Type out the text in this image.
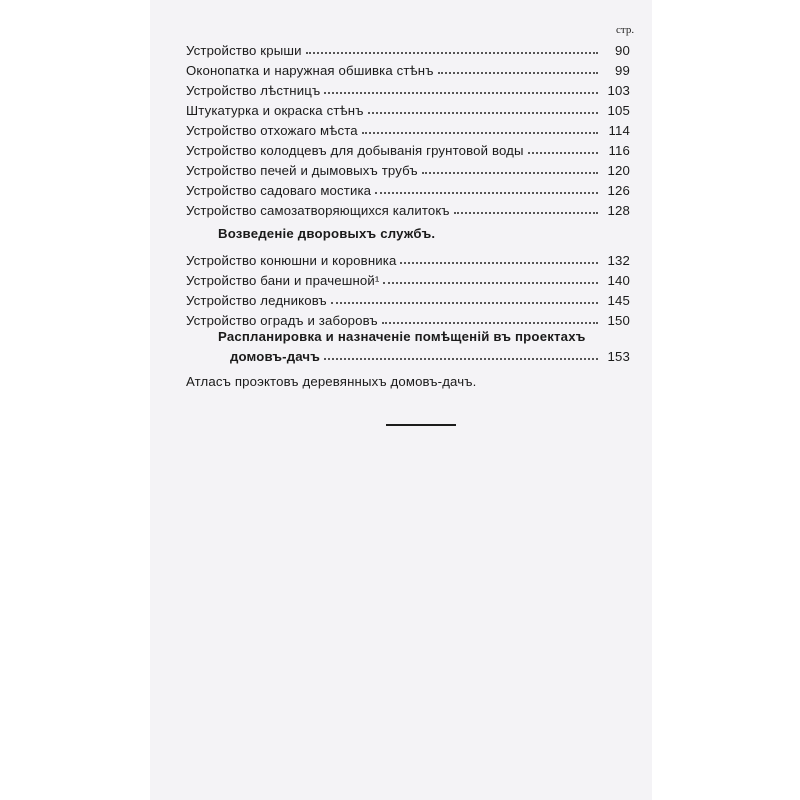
стр.
Устройство крыши	90
Оконопатка и наружная обшивка стѣнъ	99
Устройство лѣстницъ	103
Штукатурка и окраска стѣнъ	105
Устройство отхожаго мѣста	114
Устройство колодцевъ для добыванія грунтовой воды	116
Устройство печей и дымовыхъ трубъ	120
Устройство садоваго мостика	126
Устройство самозатворяющихся калитокъ	128
Возведеніе дворовыхъ службъ.
Устройство конюшни и коровника	132
Устройство бани и прачешной¹	140
Устройство ледниковъ	145
Устройство оградъ и заборовъ	150
Распланировка и назначеніе помѣщеній въ проектахъ
домовъ-дачъ	153
Атласъ проэктовъ деревянныхъ домовъ-дачъ.
